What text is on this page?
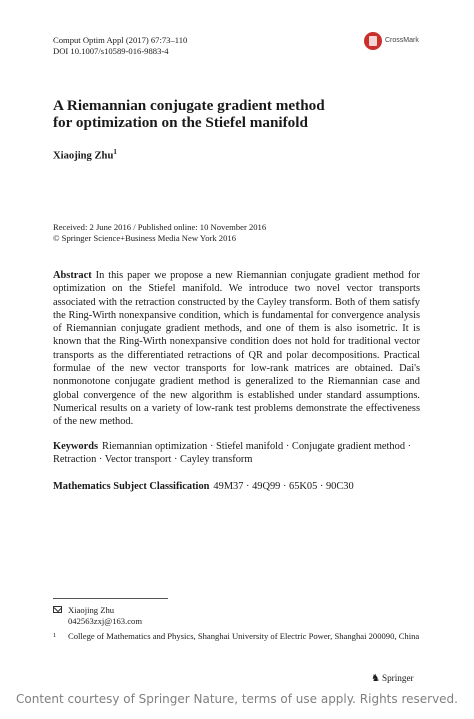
Comput Optim Appl (2017) 67:73–110
DOI 10.1007/s10589-016-9883-4
CrossMark
A Riemannian conjugate gradient method
for optimization on the Stiefel manifold
Xiaojing Zhu$^1$
Received: 2 June 2016 / Published online: 10 November 2016
© Springer Science+Business Media New York 2016
Abstract In this paper we propose a new Riemannian conjugate gradient method for optimization on the Stiefel manifold. We introduce two novel vector transports associated with the retraction constructed by the Cayley transform. Both of them satisfy the Ring-Wirth nonexpansive condition, which is fundamental for convergence analysis of Riemannian conjugate gradient methods, and one of them is also isometric. It is known that the Ring-Wirth nonexpansive condition does not hold for traditional vector transports as the differentiated retractions of QR and polar decompositions. Practical formulae of the new vector transports for low-rank matrices are obtained. Dai's nonmonotone conjugate gradient method is generalized to the Riemannian case and global convergence of the new algorithm is established under standard assumptions. Numerical results on a variety of low-rank test problems demonstrate the effectiveness of the new method.
Keywords Riemannian optimization · Stiefel manifold · Conjugate gradient method · Retraction · Vector transport · Cayley transform
Mathematics Subject Classification 49M37 · 49Q99 · 65K05 · 90C30
Xiaojing Zhu
042563zxj@163.com
1 College of Mathematics and Physics, Shanghai University of Electric Power, Shanghai 200090, China
♞ Springer
Content courtesy of Springer Nature, terms of use apply. Rights reserved.
